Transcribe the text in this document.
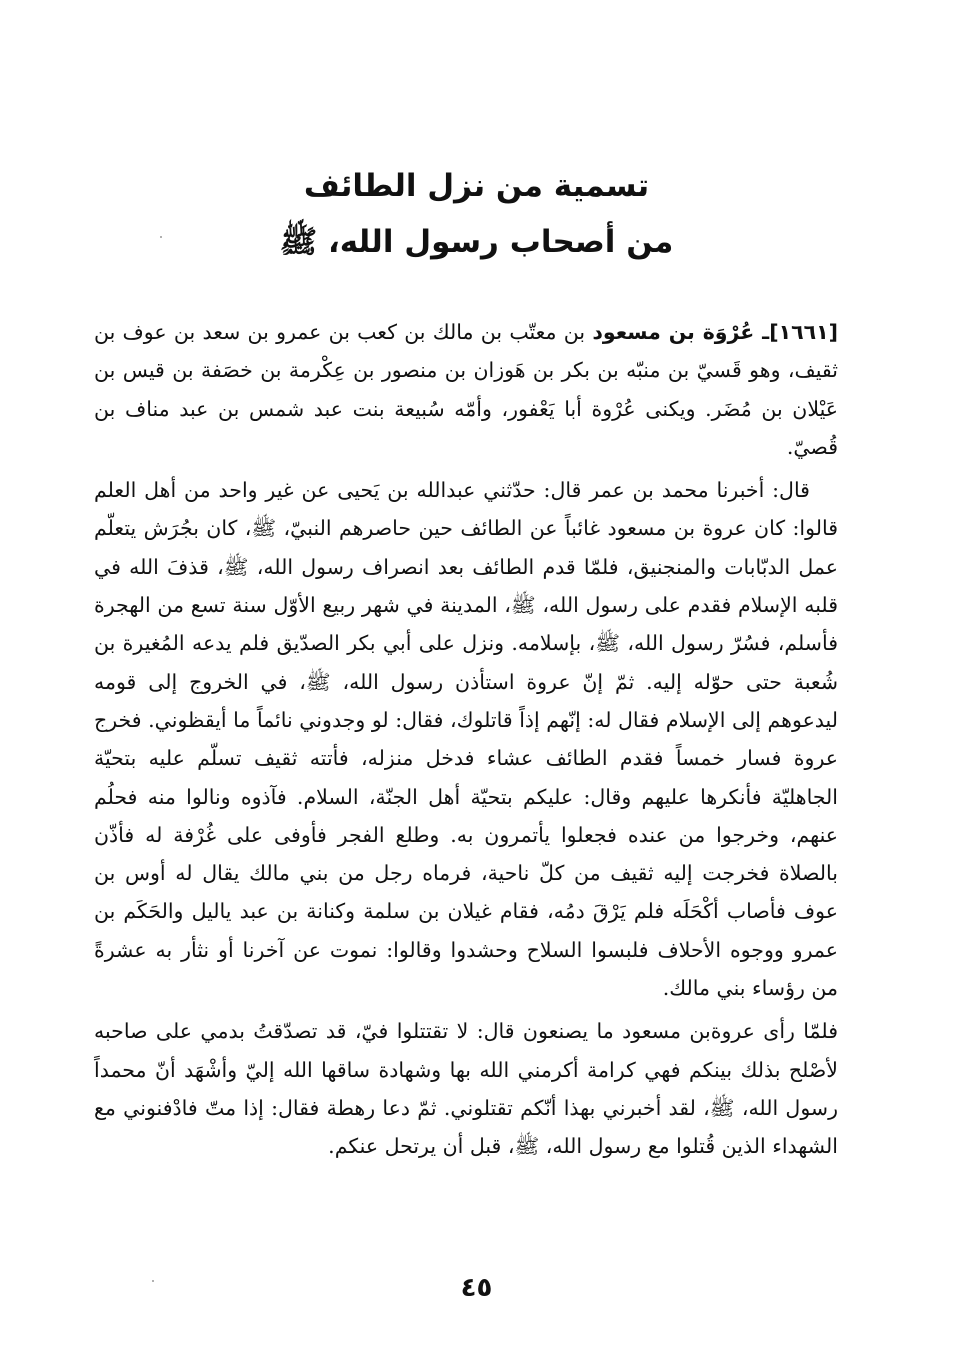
تسمية من نزل الطائف
من أصحاب رسول الله، ﷺ

[١٦٦١]ـ عُرْوَة بن مسعود بن معتّب بن مالك بن كعب بن عمرو بن سعد بن عوف بن ثقيف، وهو قَسيّ بن منبّه بن بكر بن هَوزان بن منصور بن عِكْرمة بن خصَفة بن قيس بن عَيْلان بن مُضَر. ويكنى عُرْوة أبا يَعْفور، وأمّه سُبيعة بنت عبد شمس بن عبد مناف بن قُصيّ.

قال: أخبرنا محمد بن عمر قال: حدّثني عبدالله بن يَحيى عن غير واحد من أهل العلم قالوا: كان عروة بن مسعود غائباً عن الطائف حين حاصرهم النبيّ، ﷺ، كان بجُرَش يتعلّم عمل الدبّابات والمنجنيق، فلمّا قدم الطائف بعد انصراف رسول الله، ﷺ، قذفَ الله في قلبه الإسلام فقدم على رسول الله، ﷺ، المدينة في شهر ربيع الأوّل سنة تسع من الهجرة فأسلم، فسُرّ رسول الله، ﷺ، بإسلامه. ونزل على أبي بكر الصدّيق فلم يدعه المُغيرة بن شُعبة حتى حوّله إليه. ثمّ إنّ عروة استأذن رسول الله، ﷺ، في الخروج إلى قومه ليدعوهم إلى الإسلام فقال له: إنّهم إذاً قاتلوك، فقال: لو وجدوني نائماً ما أيقظوني. فخرج عروة فسار خمساً فقدم الطائف عشاء فدخل منزله، فأتته ثقيف تسلّم عليه بتحيّة الجاهليّة فأنكرها عليهم وقال: عليكم بتحيّة أهل الجنّة، السلام. فآذوه ونالوا منه فحلُم عنهم، وخرجوا من عنده فجعلوا يأتمرون به. وطلع الفجر فأوفى على غُرْفة له فأذّن بالصلاة فخرجت إليه ثقيف من كلّ ناحية، فرماه رجل من بني مالك يقال له أوس بن عوف فأصاب أكْحَلَه فلم يَرْقَ دمُه، فقام غيلان بن سلمة وكنانة بن عبد ياليل والحَكَم بن عمرو ووجوه الأحلاف فلبسوا السلاح وحشدوا وقالوا: نموت عن آخرنا أو نثأر به عشرةً من رؤساء بني مالك.

فلمّا رأى عروةبن مسعود ما يصنعون قال: لا تقتتلوا فيّ، قد تصدّقتُ بدمي على صاحبه لأصْلح بذلك بينكم فهي كرامة أكرمني الله بها وشهادة ساقها الله إليّ وأشْهَد أنّ محمداً رسول الله، ﷺ، لقد أخبرني بهذا أنّكم تقتلوني. ثمّ دعا رهطة فقال: إذا متّ فادْفنوني مع الشهداء الذين قُتلوا مع رسول الله، ﷺ، قبل أن يرتحل عنكم.

٤٥
